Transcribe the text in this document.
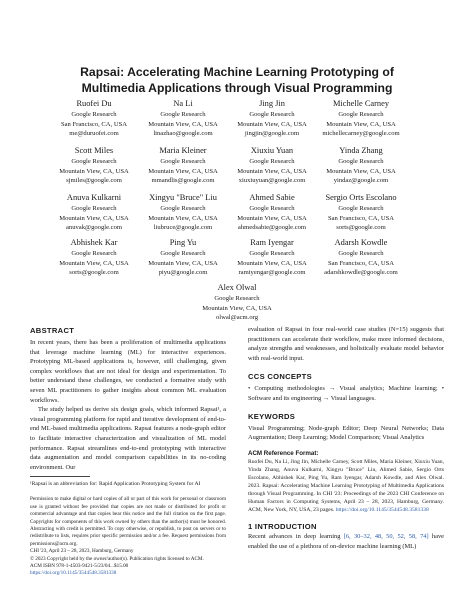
Rapsai: Accelerating Machine Learning Prototyping of
Multimedia Applications through Visual Programming
Ruofei Du
Google Research
San Francisco, CA, USA
me@duruofei.com
Na Li
Google Research
Mountain View, CA, USA
linazhao@google.com
Jing Jin
Google Research
Mountain View, CA, USA
jingjin@google.com
Michelle Carney
Google Research
Mountain View, CA, USA
michellecarney@google.com
Scott Miles
Google Research
Mountain View, CA, USA
sjmiles@google.com
Maria Kleiner
Google Research
Mountain View, CA, USA
mmandlis@google.com
Xiuxiu Yuan
Google Research
Mountain View, CA, USA
xiuxiuyuan@google.com
Yinda Zhang
Google Research
Mountain View, CA, USA
yindaz@google.com
Anuva Kulkarni
Google Research
Mountain View, CA, USA
anuvak@google.com
Xingyu "Bruce" Liu
Google Research
Mountain View, CA, USA
liubruce@google.com
Ahmed Sabie
Google Research
Mountain View, CA, USA
ahmedsabie@google.com
Sergio Orts Escolano
Google Research
San Francisco, CA, USA
sorts@google.com
Abhishek Kar
Google Research
Mountain View, CA, USA
sorts@google.com
Ping Yu
Google Research
Mountain View, CA, USA
piyu@google.com
Ram Iyengar
Google Research
Mountain View, CA, USA
ramiyengar@google.com
Adarsh Kowdle
Google Research
San Francisco, CA, USA
adarshkowdle@google.com
Alex Olwal
Google Research
Mountain View, CA, USA
olwal@acm.org
ABSTRACT

In recent years, there has been a proliferation of multimedia applications that leverage machine learning (ML) for interactive experiences. Prototyping ML-based applications is, however, still challenging, given complex workflows that are not ideal for design and experimentation. To better understand these challenges, we conducted a formative study with seven ML practitioners to gather insights about common ML evaluation workflows.

The study helped us derive six design goals, which informed Rapsai¹, a visual programming platform for rapid and iterative development of end-to-end ML-based multimedia applications. Rapsai features a node-graph editor to facilitate interactive characterization and visualization of ML model performance. Rapsai streamlines end-to-end prototyping with interactive data augmentation and model comparison capabilities in its no-coding environment. Our

¹Rapsai is an abbreviation for: Rapid Application Prototyping System for AI
Permission to make digital or hard copies of all or part of this work for personal or classroom use is granted without fee provided that copies are not made or distributed for profit or commercial advantage and that copies bear this notice and the full citation on the first page. Copyrights for components of this work owned by others than the author(s) must be honored. Abstracting with credit is permitted. To copy otherwise, or republish, to post on servers or to redistribute to lists, requires prior specific permission and/or a fee. Request permissions from permissions@acm.org.
CHI '23, April 23 – 28, 2023, Hamburg, Germany
© 2023 Copyright held by the owner/author(s). Publication rights licensed to ACM.
ACM ISBN 978-1-4503-9421-5/23/04...$15.00
https://doi.org/10.1145/3544548.3581338

evaluation of Rapsai in four real-world case studies (N=15) suggests that practitioners can accelerate their workflow, make more informed decisions, analyze strengths and weaknesses, and holistically evaluate model behavior with real-world input.

CCS CONCEPTS
• Computing methodologies → Visual analytics; Machine learning; • Software and its engineering → Visual languages.
KEYWORDS
Visual Programming; Node-graph Editor; Deep Neural Networks; Data Augmentation; Deep Learning; Model Comparison; Visual Analytics
ACM Reference Format:
Ruofei Du, Na Li, Jing Jin, Michelle Carney, Scott Miles, Maria Kleiner, Xiuxiu Yuan, Yinda Zhang, Anuva Kulkarni, Xingyu "Bruce" Liu, Ahmed Sabie, Sergio Orts Escolano, Abhishek Kar, Ping Yu, Ram Iyengar, Adarsh Kowdle, and Alex Olwal. 2023. Rapsai: Accelerating Machine Learning Prototyping of Multimedia Applications through Visual Programming. In CHI '23: Proceedings of the 2023 CHI Conference on Human Factors in Computing Systems, April 23 – 28, 2023, Hamburg, Germany. ACM, New York, NY, USA, 23 pages. https://doi.org/10.1145/3544548.3581338
1 INTRODUCTION

Recent advances in deep learning [6, 30–32, 48, 50, 52, 58, 74] have enabled the use of a plethora of on-device machine learning (ML)
